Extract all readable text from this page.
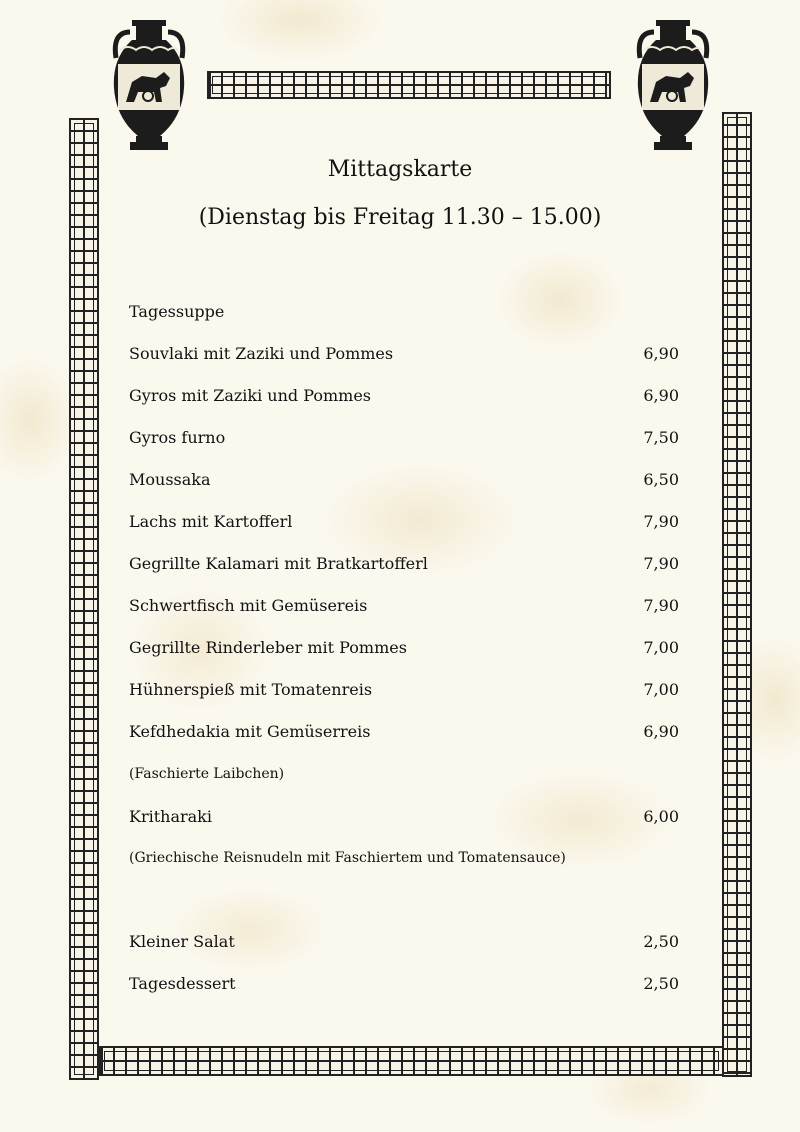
Mittagskarte
(Dienstag bis Freitag 11.30 – 15.00)
Tagessuppe
Souvlaki mit Zaziki und Pommes	6,90
Gyros mit Zaziki und Pommes	6,90
Gyros furno	7,50
Moussaka	6,50
Lachs mit Kartofferl	7,90
Gegrillte Kalamari mit Bratkartofferl	7,90
Schwertfisch mit Gemüsereis	7,90
Gegrillte Rinderleber mit Pommes	7,00
Hühnerspieß mit Tomatenreis	7,00
Kefdhedakia mit Gemüserreis	6,90
(Faschierte Laibchen)
Kritharaki	6,00
(Griechische Reisnudeln mit Faschiertem und Tomatensauce)
Kleiner Salat	2,50
Tagesdessert	2,50
